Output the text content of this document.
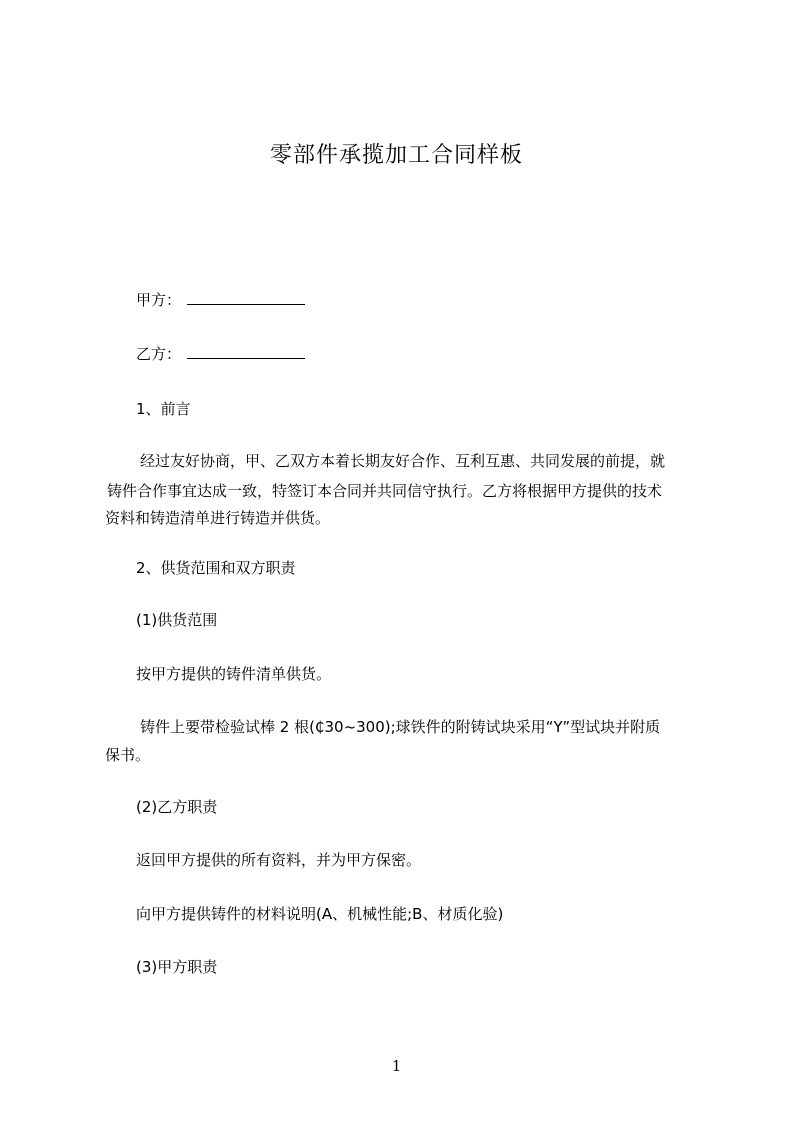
零部件承揽加工合同样板
甲方：
乙方：
1、前言
经过友好协商，甲、乙双方本着长期友好合作、互利互惠、共同发展的前提，就
铸件合作事宜达成一致，特签订本合同并共同信守执行。乙方将根据甲方提供的技术
资料和铸造清单进行铸造并供货。
2、供货范围和双方职责
(1)供货范围
按甲方提供的铸件清单供货。
铸件上要带检验试棒 2 根(₵30~300);球铁件的附铸试块采用“Y”型试块并附质
保书。
(2)乙方职责
返回甲方提供的所有资料，并为甲方保密。
向甲方提供铸件的材料说明(A、机械性能;B、材质化验)
(3)甲方职责
1
